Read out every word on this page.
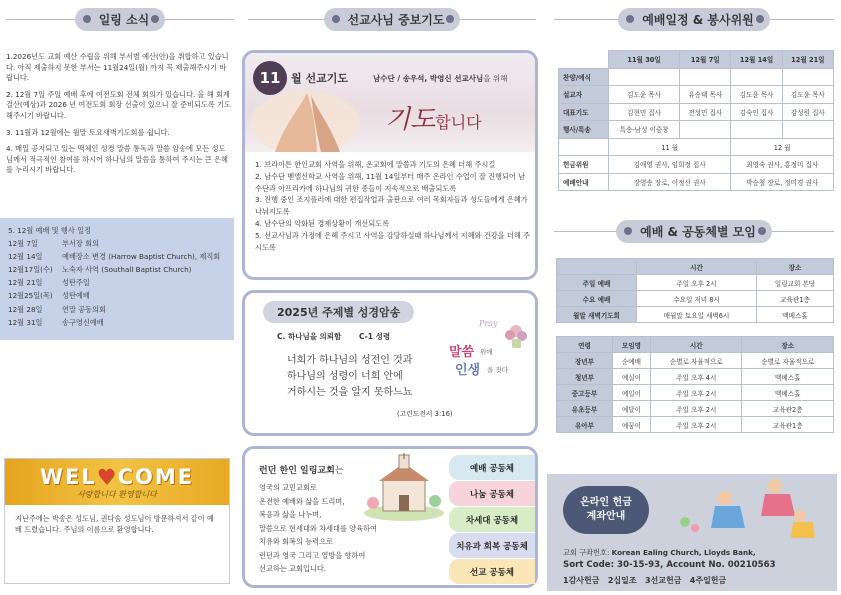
일링 소식

1.2026년도 교회 예산 수립을 위해 부서별 예산(안)을 취합하고 있습니다. 아직 제출하지 못한 부서는 11월24일(월) 까지 꼭 제출해주시기 바랍니다.

2. 12월 7일 주일 예배 후에 여전도회 전체 회의가 있습니다. 올 해 회계 결산(예상)과 2026 년 여전도회 회장 선출이 있으니 잘 준비되도록 기도해주시기 바랍니다.

3. 11월과 12월에는 월말 토요새벽기도회를 쉽니다.

4. 매일 공지되고 있는 맥체인 성경 말씀 통독과 말씀 암송에 모든 성도님께서 적극적인 참여를 하시어 하나님의 말씀을 통하여 주시는 큰 은혜를 누리시기 바랍니다.

5. 12월 예배 및 행사 일정
12월 7일	부서장 회의
12월 14일	예배장소 변경 (Harrow Baptist Church), 제직회
12월17일(수)	노숙자 사역 (Southall Baptist Church)
12월 21일	성탄주일
12월25일(목)	성탄예배
12월 28일	연말 공동의회
12월 31일	송구영신예배
WEL♥COME
사랑합니다 환영합니다
지난주에는 박송은 성도님, 권다솜 성도님이 방문하셔서 같이 예배 드렸습니다. 주님의 이름으로 환영합니다.
선교사님 중보기도
11 월 선교기도	남수단 / 송우석, 박영신 선교사님을 위해
기도합니다

1. 브라이튼 한인교회 사역을 위해, 온교회에 말씀과 기도의 은혜 더해 주시길

2. 남수단 벧엘신학교 사역을 위해, 11월 14일부터 매주 온라인 수업이 잘 진행되어 남수단과 아프리카에 하나님의 귀한 종들이 지속적으로 배출되도록

3. 진행 중인 조지플러에 대한 편집작업과 출판으로 여러 목회자들과 성도들에게 은혜가 나눠지도록

4. 남수단의 악화된 경제상황이 개선되도록

5. 선교사님과 가정에 은혜 주시고 사역을 감당하실때 하나님께서 지혜와 건강을 더해 주시도록

2025년 주제별 성경암송
C. 하나님을 의뢰함 C-1 성령
너희가 하나님의 성전인 것과
하나님의 성령이 너희 안에
거하시는 것을 알지 못하느뇨
(고린도전서 3:16)
Pray
말씀 위에
인생 을 짓다
런던 한인 일링교회는
영국의 교민교회로
온전한 예배와 삶을 드리며,
복음과 삶을 나누며,
말씀으로 현세대와 차세대를 양육하여
치유와 회복의 능력으로
런던과 영국 그리고 열방을 향하여
선교하는 교회입니다.
예배 공동체
나눔 공동체
차세대 공동체
치유과 회복 공동체
선교 공동체
예배일정 & 봉사위원
	11월 30일	12월 7일	12월 14일	12월 21일
찬양/예식				
설교자	김도윤 목사	유승태 목사	김도윤 목사	김도윤 목사
대표기도	김현민 집사	전성민 집사	김숙인 집사	강성원 집사
행사/특송	특송-남성 이중창			
	11 월		12 월	
헌금위원	김애영 권사, 임희정 집사		최영숙 권사, 홍정미 집사	
예배안내	장영송 장로, 이정선 권사		박승철 장로, 정미경 권사	
예배 & 공동체별 모임
	시간	장소
주일 예배	주일 오후 2시	일링교회 본당
수요 예배	수요일 저녁 8시	교육관1층
월말 새벽기도회	매월말 토요일 새벽6시	맥베스홀
연령	모임명	시간	장소
장년부	순예배	순별로 자율적으로	순별로 자율적으로
청년부	예실이	주일 오후 4시	맥베스홀
중고등부	예일이	주일 오후 2시	맥베스홀
유초등부	예달이	주일 오후 2시	교육관2층
유아부	예꿈이	주일 오후 2시	교육관1층
온라인 헌금
계좌안내
교회 구좌번호: Korean Ealing Church, Lloyds Bank,
Sort Code: 30-15-93, Account No. 00210563
1감사헌금   2십일조   3선교헌금   4주일헌금
